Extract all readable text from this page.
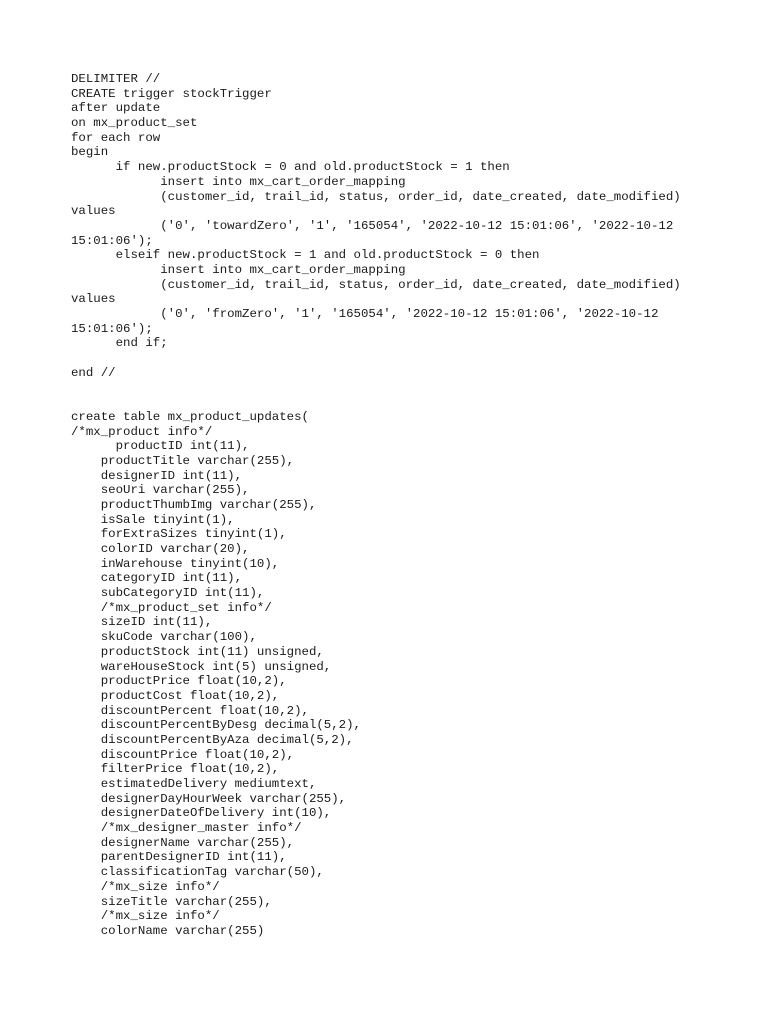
DELIMITER //
CREATE trigger stockTrigger
after update
on mx_product_set
for each row
begin
if new.productStock = 0 and old.productStock = 1 then
insert into mx_cart_order_mapping
(customer_id, trail_id, status, order_id, date_created, date_modified)
values
('0', 'towardZero', '1', '165054', '2022-10-12 15:01:06', '2022-10-12
15:01:06');
elseif new.productStock = 1 and old.productStock = 0 then
insert into mx_cart_order_mapping
(customer_id, trail_id, status, order_id, date_created, date_modified)
values
('0', 'fromZero', '1', '165054', '2022-10-12 15:01:06', '2022-10-12
15:01:06');
end if;
end //
create table mx_product_updates(
/*mx_product info*/
productID int(11),
productTitle varchar(255),
designerID int(11),
seoUri varchar(255),
productThumbImg varchar(255),
isSale tinyint(1),
forExtraSizes tinyint(1),
colorID varchar(20),
inWarehouse tinyint(10),
categoryID int(11),
subCategoryID int(11),
/*mx_product_set info*/
sizeID int(11),
skuCode varchar(100),
productStock int(11) unsigned,
wareHouseStock int(5) unsigned,
productPrice float(10,2),
productCost float(10,2),
discountPercent float(10,2),
discountPercentByDesg decimal(5,2),
discountPercentByAza decimal(5,2),
discountPrice float(10,2),
filterPrice float(10,2),
estimatedDelivery mediumtext,
designerDayHourWeek varchar(255),
designerDateOfDelivery int(10),
/*mx_designer_master info*/
designerName varchar(255),
parentDesignerID int(11),
classificationTag varchar(50),
/*mx_size info*/
sizeTitle varchar(255),
/*mx_size info*/
colorName varchar(255)
